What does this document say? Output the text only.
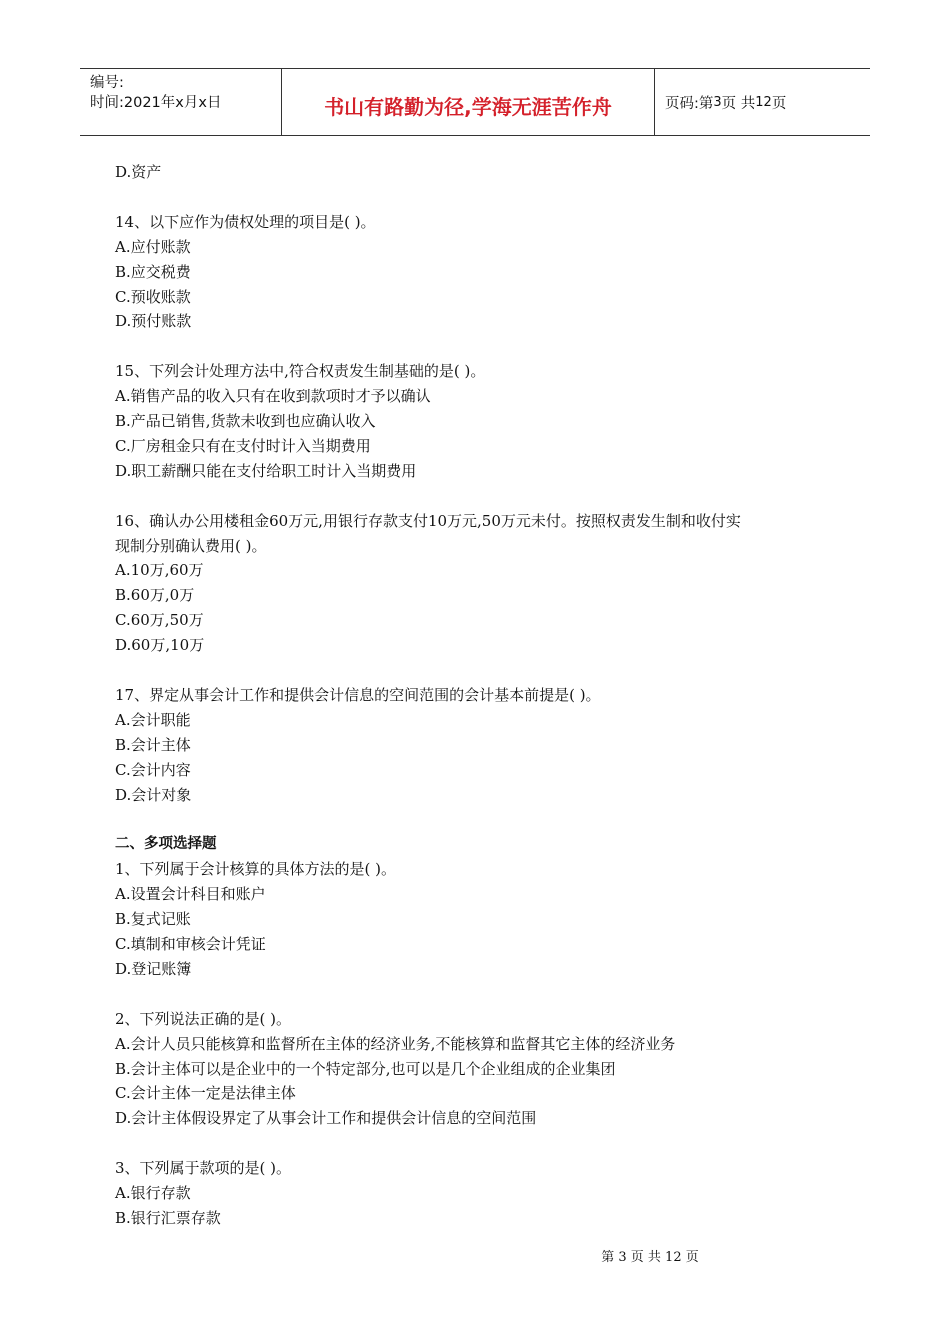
编号:
时间:2021年x月x日	书山有路勤为径,学海无涯苦作舟	页码:第 3 页 共 12 页
D.资产
14、以下应作为债权处理的项目是( )。
A.应付账款
B.应交税费
C.预收账款
D.预付账款
15、下列会计处理方法中,符合权责发生制基础的是( )。
A.销售产品的收入只有在收到款项时才予以确认
B.产品已销售,货款未收到也应确认收入
C.厂房租金只有在支付时计入当期费用
D.职工薪酬只能在支付给职工时计入当期费用
16、确认办公用楼租金60万元,用银行存款支付10万元,50万元未付。按照权责发生制和收付实
现制分别确认费用( )。
A.10万,60万
B.60万,0万
C.60万,50万
D.60万,10万
17、界定从事会计工作和提供会计信息的空间范围的会计基本前提是( )。
A.会计职能
B.会计主体
C.会计内容
D.会计对象
二、多项选择题
1、下列属于会计核算的具体方法的是( )。
A.设置会计科目和账户
B.复式记账
C.填制和审核会计凭证
D.登记账簿
2、下列说法正确的是( )。
A.会计人员只能核算和监督所在主体的经济业务,不能核算和监督其它主体的经济业务
B.会计主体可以是企业中的一个特定部分,也可以是几个企业组成的企业集团
C.会计主体一定是法律主体
D.会计主体假设界定了从事会计工作和提供会计信息的空间范围
3、下列属于款项的是( )。
A.银行存款
B.银行汇票存款
第 3 页 共 12 页
